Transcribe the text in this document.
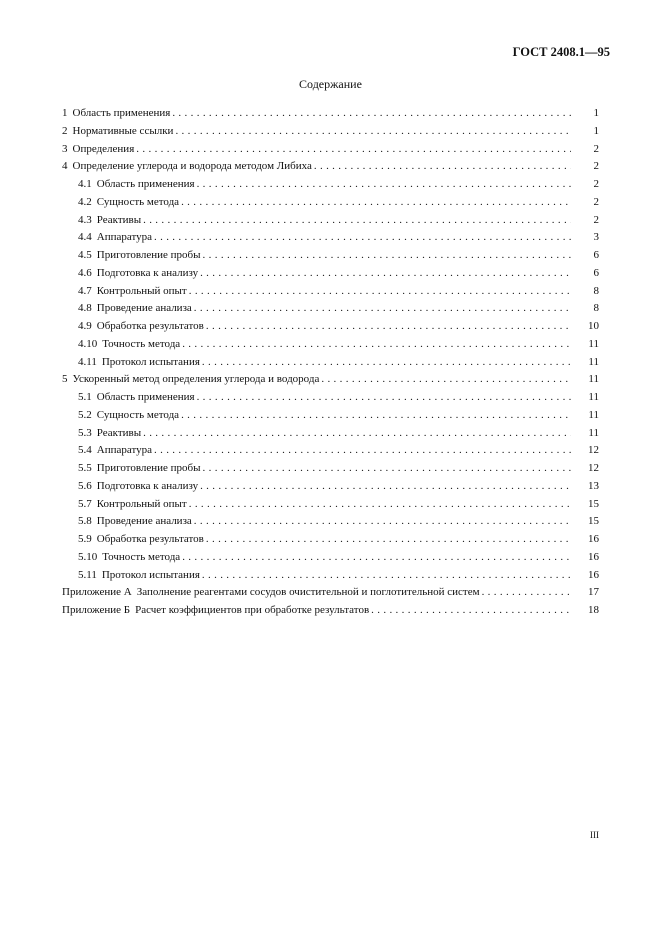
ГОСТ 2408.1—95
Содержание
1 Область применения . . .	1
2 Нормативные ссылки . . .	1
3 Определения . . .	2
4 Определение углерода и водорода методом Либиха . . .	2
4.1 Область применения . . .	2
4.2 Сущность метода . . .	2
4.3 Реактивы . . .	2
4.4 Аппаратура . . .	3
4.5 Приготовление пробы . . .	6
4.6 Подготовка к анализу . . .	6
4.7 Контрольный опыт . . .	8
4.8 Проведение анализа . . .	8
4.9 Обработка результатов . . .	10
4.10 Точность метода . . .	11
4.11 Протокол испытания . . .	11
5 Ускоренный метод определения углерода и водорода . . .	11
5.1 Область применения . . .	11
5.2 Сущность метода . . .	11
5.3 Реактивы . . .	11
5.4 Аппаратура . . .	12
5.5 Приготовление пробы . . .	12
5.6 Подготовка к анализу . . .	13
5.7 Контрольный опыт . . .	15
5.8 Проведение анализа . . .	15
5.9 Обработка результатов . . .	16
5.10 Точность метода . . .	16
5.11 Протокол испытания . . .	16
Приложение А Заполнение реагентами сосудов очистительной и поглотительной систем . . .	17
Приложение Б Расчет коэффициентов при обработке результатов . . .	18
III
